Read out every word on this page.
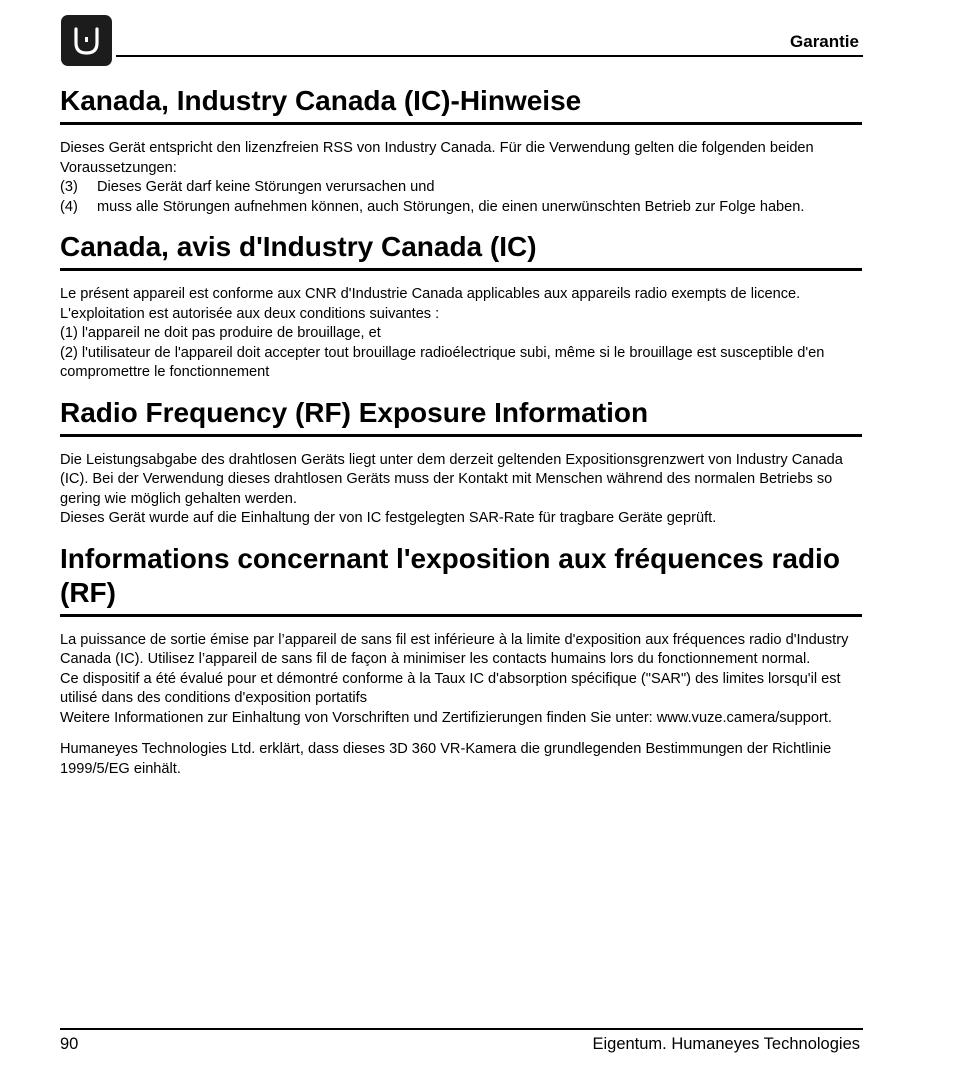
Garantie
Kanada, Industry Canada (IC)-Hinweise

Dieses Gerät entspricht den lizenzfreien RSS von Industry Canada. Für die Verwendung gelten die folgenden beiden Voraussetzungen:

(3)	Dieses Gerät darf keine Störungen verursachen und
(4)	muss alle Störungen aufnehmen können, auch Störungen, die einen unerwünschten Betrieb zur Folge haben.
Canada, avis d'Industry Canada (IC)

Le présent appareil est conforme aux CNR d'Industrie Canada applicables aux appareils radio exempts de licence. L'exploitation est autorisée aux deux conditions suivantes :

(1) l'appareil ne doit pas produire de brouillage, et

(2) l'utilisateur de l'appareil doit accepter tout brouillage radioélectrique subi, même si le brouillage est susceptible d'en compromettre le fonctionnement

Radio Frequency (RF) Exposure Information

Die Leistungsabgabe des drahtlosen Geräts liegt unter dem derzeit geltenden Expositionsgrenzwert von Industry Canada (IC). Bei der Verwendung dieses drahtlosen Geräts muss der Kontakt mit Menschen während des normalen Betriebs so gering wie möglich gehalten werden.

Dieses Gerät wurde auf die Einhaltung der von IC festgelegten SAR-Rate für tragbare Geräte geprüft.

Informations concernant l'exposition aux fréquences radio (RF)

La puissance de sortie émise par l’appareil de sans fil est inférieure à la limite d'exposition aux fréquences radio d'Industry Canada (IC). Utilisez l’appareil de sans fil de façon à minimiser les contacts humains lors du fonctionnement normal.

Ce dispositif a été évalué pour et démontré conforme à la Taux IC d'absorption spécifique ("SAR") des limites lorsqu'il est utilisé dans des conditions d'exposition portatifs

Weitere Informationen zur Einhaltung von Vorschriften und Zertifizierungen finden Sie unter: www.vuze.camera/support.

Humaneyes Technologies Ltd. erklärt, dass dieses 3D 360 VR-Kamera die grundlegenden Bestimmungen der Richtlinie 1999/5/EG einhält.

90	Eigentum. Humaneyes Technologies
